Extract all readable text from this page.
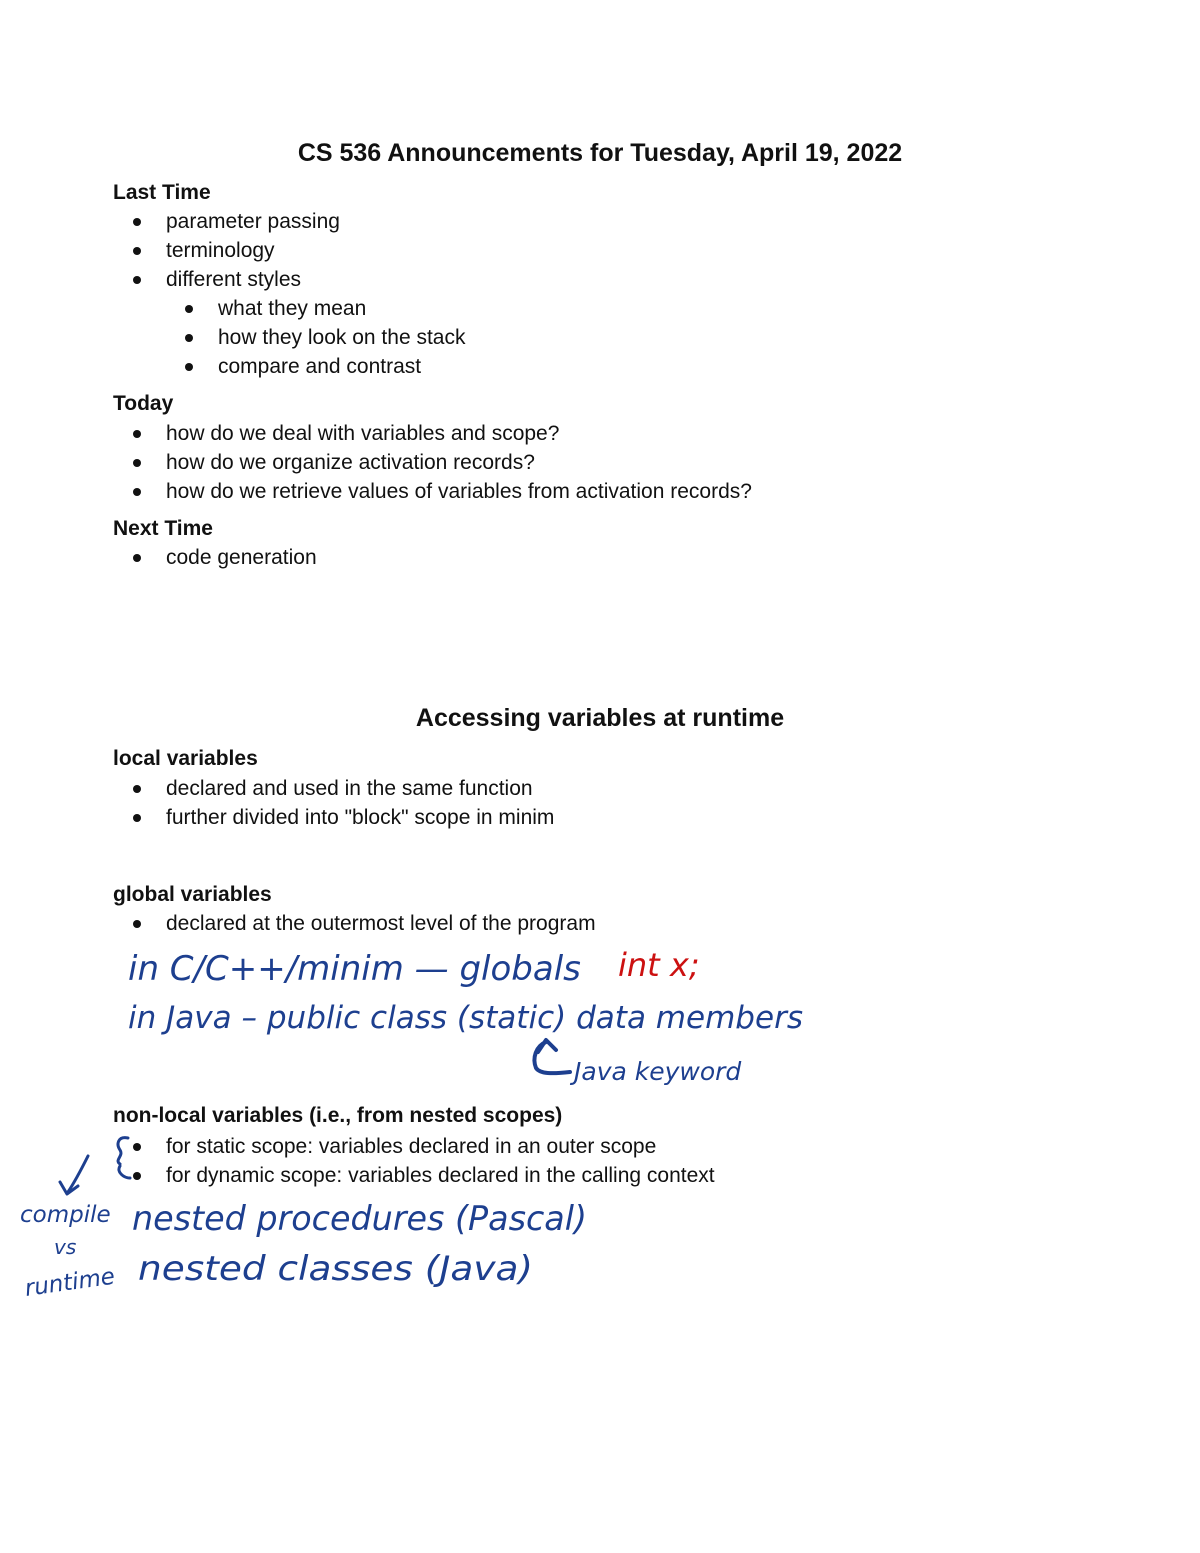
CS 536 Announcements for Tuesday, April 19, 2022
Last Time
parameter passing
terminology
different styles
what they mean
how they look on the stack
compare and contrast
Today
how do we deal with variables and scope?
how do we organize activation records?
how do we retrieve values of variables from activation records?
Next Time
code generation
Accessing variables at runtime
local variables
declared and used in the same function
further divided into "block" scope in minim
global variables
declared at the outermost level of the program
non-local variables (i.e., from nested scopes)
for static scope: variables declared in an outer scope
for dynamic scope: variables declared in the calling context
in C/C++/minim — globals int x;
in Java – public class (static) data members
Java keyword
compile
vs
runtime
nested procedures (Pascal)
nested classes (Java)
